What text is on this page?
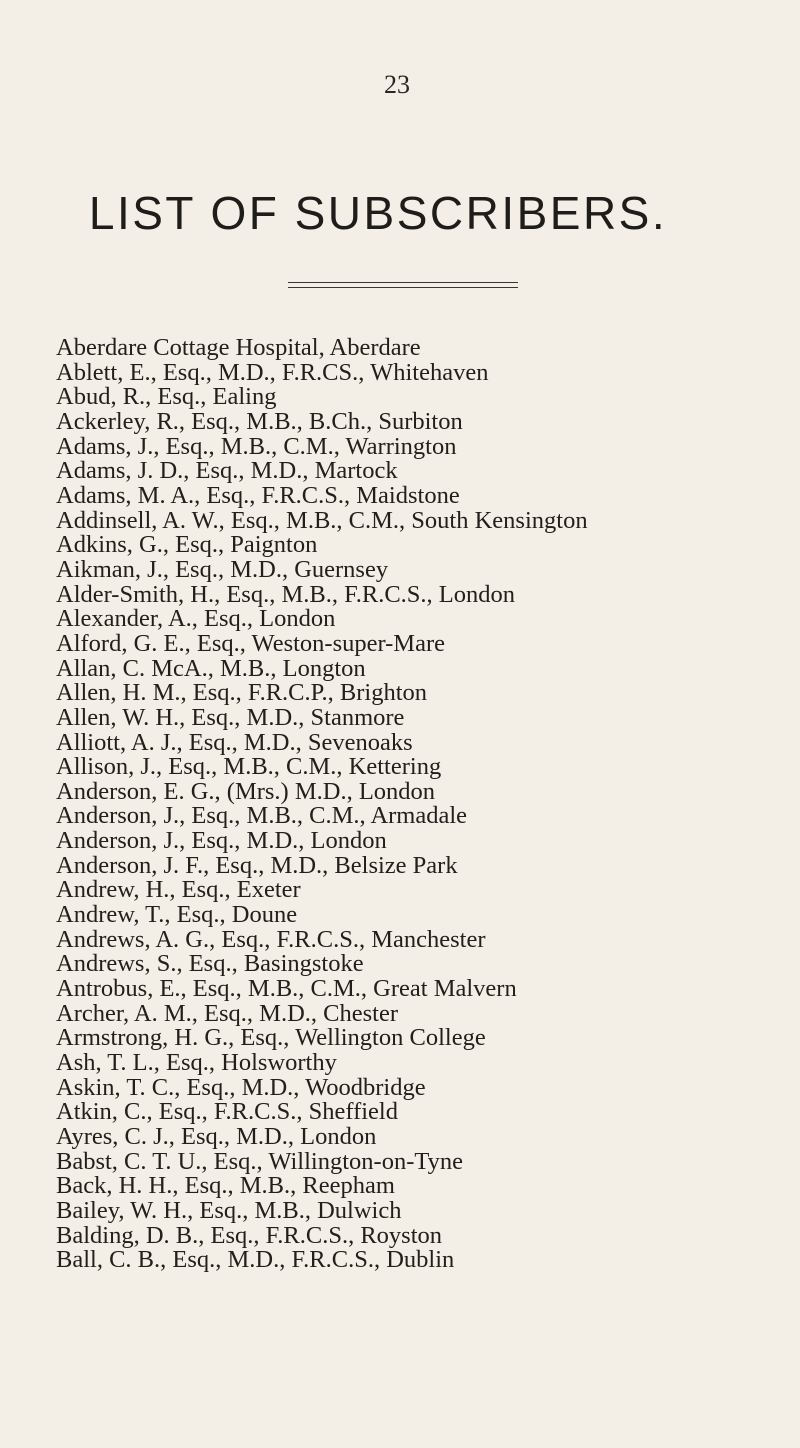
23
LIST OF SUBSCRIBERS.
Aberdare Cottage Hospital, Aberdare
Ablett, E., Esq., M.D., F.R.CS., Whitehaven
Abud, R., Esq., Ealing
Ackerley, R., Esq., M.B., B.Ch., Surbiton
Adams, J., Esq., M.B., C.M., Warrington
Adams, J. D., Esq., M.D., Martock
Adams, M. A., Esq., F.R.C.S., Maidstone
Addinsell, A. W., Esq., M.B., C.M., South Kensington
Adkins, G., Esq., Paignton
Aikman, J., Esq., M.D., Guernsey
Alder-Smith, H., Esq., M.B., F.R.C.S., London
Alexander, A., Esq., London
Alford, G. E., Esq., Weston-super-Mare
Allan, C. McA., M.B., Longton
Allen, H. M., Esq., F.R.C.P., Brighton
Allen, W. H., Esq., M.D., Stanmore
Alliott, A. J., Esq., M.D., Sevenoaks
Allison, J., Esq., M.B., C.M., Kettering
Anderson, E. G., (Mrs.) M.D., London
Anderson, J., Esq., M.B., C.M., Armadale
Anderson, J., Esq., M.D., London
Anderson, J. F., Esq., M.D., Belsize Park
Andrew, H., Esq., Exeter
Andrew, T., Esq., Doune
Andrews, A. G., Esq., F.R.C.S., Manchester
Andrews, S., Esq., Basingstoke
Antrobus, E., Esq., M.B., C.M., Great Malvern
Archer, A. M., Esq., M.D., Chester
Armstrong, H. G., Esq., Wellington College
Ash, T. L., Esq., Holsworthy
Askin, T. C., Esq., M.D., Woodbridge
Atkin, C., Esq., F.R.C.S., Sheffield
Ayres, C. J., Esq., M.D., London
Babst, C. T. U., Esq., Willington-on-Tyne
Back, H. H., Esq., M.B., Reepham
Bailey, W. H., Esq., M.B., Dulwich
Balding, D. B., Esq., F.R.C.S., Royston
Ball, C. B., Esq., M.D., F.R.C.S., Dublin
